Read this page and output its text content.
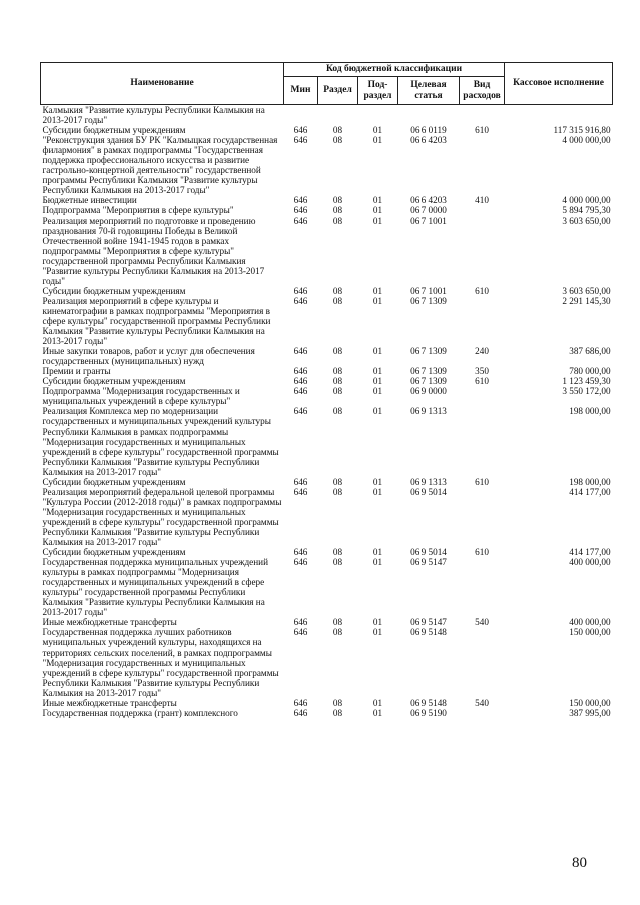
Наименование	Код бюджетной классификации					Кассовое исполнение
	Мин	Раздел	Под-раздел	Целевая статья	Вид расходов	
Калмыкия "Развитие культуры Республики Калмыкия на 2013-2017 годы"						
Субсидии бюджетным учреждениям	646	08	01	06 6 0119	610	117 315 916,80
"Реконструкция здания БУ РК "Калмыцкая государственная филармония" в рамках подпрограммы "Государственная поддержка профессионального искусства и развитие гастрольно-концертной деятельности" государственной программы Республики Калмыкия "Развитие культуры Республики Калмыкия на 2013-2017 годы"	646	08	01	06 6 4203		4 000 000,00
Бюджетные инвестиции	646	08	01	06 6 4203	410	4 000 000,00
Подпрограмма "Мероприятия в сфере культуры"	646	08	01	06 7 0000		5 894 795,30
Реализация мероприятий по подготовке и проведению празднования 70-й годовщины Победы в Великой Отечественной войне 1941-1945 годов в рамках подпрограммы "Мероприятия в сфере культуры" государственной программы Республики Калмыкия "Развитие культуры Республики Калмыкия на 2013-2017 годы"	646	08	01	06 7 1001		3 603 650,00
Субсидии бюджетным учреждениям	646	08	01	06 7 1001	610	3 603 650,00
Реализация мероприятий в сфере культуры и кинематографии в рамках подпрограммы "Мероприятия в сфере культуры" государственной программы Республики Калмыкия "Развитие культуры Республики Калмыкия на 2013-2017 годы"	646	08	01	06 7 1309		2 291 145,30
Иные закупки товаров, работ и услуг для обеспечения государственных (муниципальных) нужд	646	08	01	06 7 1309	240	387 686,00
Премии и гранты	646	08	01	06 7 1309	350	780 000,00
Субсидии бюджетным учреждениям	646	08	01	06 7 1309	610	1 123 459,30
Подпрограмма "Модернизация государственных и муниципальных учреждений в сфере культуры"	646	08	01	06 9 0000		3 550 172,00
Реализация Комплекса мер по модернизации государственных и муниципальных учреждений культуры Республики Калмыкия в рамках подпрограммы "Модернизация государственных и муниципальных учреждений в сфере культуры" государственной программы Республики Калмыкия "Развитие культуры Республики Калмыкия на 2013-2017 годы"	646	08	01	06 9 1313		198 000,00
Субсидии бюджетным учреждениям	646	08	01	06 9 1313	610	198 000,00
Реализация мероприятий федеральной целевой программы "Культура России (2012-2018 годы)" в рамках подпрограммы "Модернизация государственных и муниципальных учреждений в сфере культуры" государственной программы Республики Калмыкия "Развитие культуры Республики Калмыкия на 2013-2017 годы"	646	08	01	06 9 5014		414 177,00
Субсидии бюджетным учреждениям	646	08	01	06 9 5014	610	414 177,00
Государственная поддержка муниципальных учреждений культуры в рамках подпрограммы "Модернизация государственных и муниципальных учреждений в сфере культуры" государственной программы Республики Калмыкия "Развитие культуры Республики Калмыкия на 2013-2017 годы"	646	08	01	06 9 5147		400 000,00
Иные межбюджетные трансферты	646	08	01	06 9 5147	540	400 000,00
Государственная поддержка лучших работников муниципальных учреждений культуры, находящихся на территориях сельских поселений, в рамках подпрограммы "Модернизация государственных и муниципальных учреждений в сфере культуры" государственной программы Республики Калмыкия "Развитие культуры Республики Калмыкия на 2013-2017 годы"	646	08	01	06 9 5148		150 000,00
Иные межбюджетные трансферты	646	08	01	06 9 5148	540	150 000,00
Государственная поддержка (грант) комплексного	646	08	01	06 9 5190		387 995,00
80
